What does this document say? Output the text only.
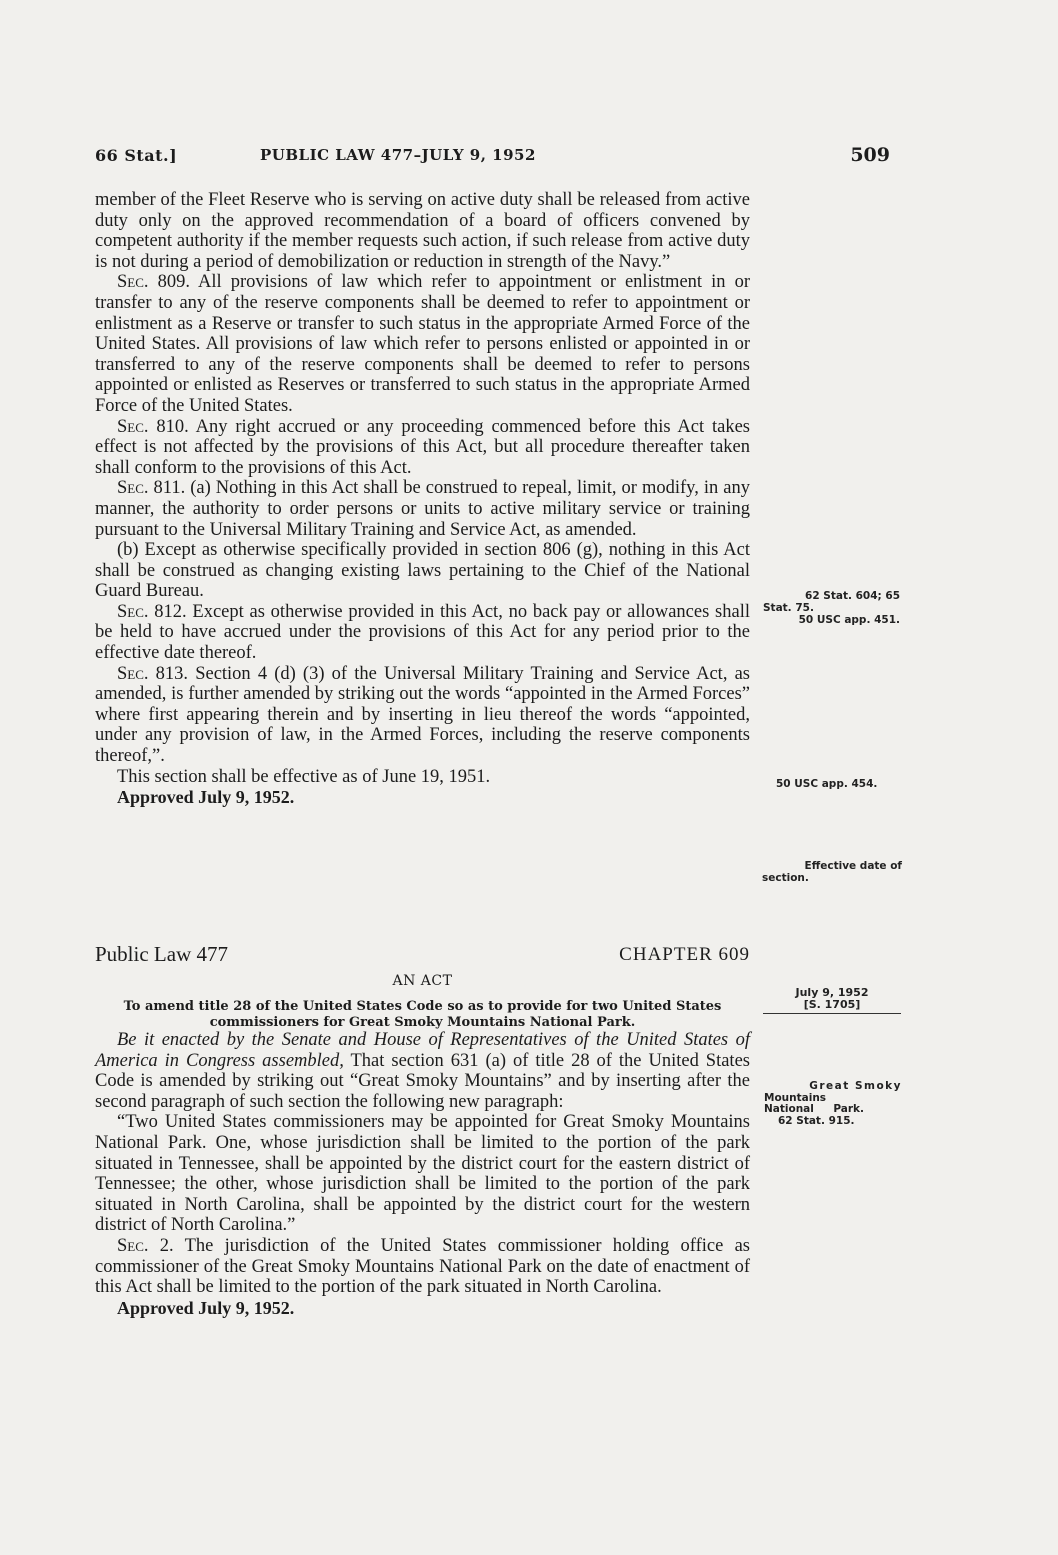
66 Stat.]	PUBLIC LAW 477–JULY 9, 1952	509

member of the Fleet Reserve who is serving on active duty shall be released from active duty only on the approved recommendation of a board of officers convened by competent authority if the member requests such action, if such release from active duty is not during a period of demobilization or reduction in strength of the Navy.”

Sec. 809. All provisions of law which refer to appointment or enlistment in or transfer to any of the reserve components shall be deemed to refer to appointment or enlistment as a Reserve or transfer to such status in the appropriate Armed Force of the United States. All provisions of law which refer to persons enlisted or appointed in or transferred to any of the reserve components shall be deemed to refer to persons appointed or enlisted as Reserves or transferred to such status in the appropriate Armed Force of the United States.

Sec. 810. Any right accrued or any proceeding commenced before this Act takes effect is not affected by the provisions of this Act, but all procedure thereafter taken shall conform to the provisions of this Act.

Sec. 811. (a) Nothing in this Act shall be construed to repeal, limit, or modify, in any manner, the authority to order persons or units to active military service or training pursuant to the Universal Military Training and Service Act, as amended.

(b) Except as otherwise specifically provided in section 806 (g), nothing in this Act shall be construed as changing existing laws pertaining to the Chief of the National Guard Bureau.

Sec. 812. Except as otherwise provided in this Act, no back pay or allowances shall be held to have accrued under the provisions of this Act for any period prior to the effective date thereof.

Sec. 813. Section 4 (d) (3) of the Universal Military Training and Service Act, as amended, is further amended by striking out the words “appointed in the Armed Forces” where first appearing therein and by inserting in lieu thereof the words “appointed, under any provision of law, in the Armed Forces, including the reserve components thereof,”.

This section shall be effective as of June 19, 1951.

Approved July 9, 1952.

Public Law 477	CHAPTER 609
AN ACT
To amend title 28 of the United States Code so as to provide for two United States commissioners for Great Smoky Mountains National Park.

Be it enacted by the Senate and House of Representatives of the United States of America in Congress assembled, That section 631 (a) of title 28 of the United States Code is amended by striking out “Great Smoky Mountains” and by inserting after the second paragraph of such section the following new paragraph:

“Two United States commissioners may be appointed for Great Smoky Mountains National Park. One, whose jurisdiction shall be limited to the portion of the park situated in Tennessee, shall be appointed by the district court for the eastern district of Tennessee; the other, whose jurisdiction shall be limited to the portion of the park situated in North Carolina, shall be appointed by the district court for the western district of North Carolina.”

Sec. 2. The jurisdiction of the United States commissioner holding office as commissioner of the Great Smoky Mountains National Park on the date of enactment of this Act shall be limited to the portion of the park situated in North Carolina.

Approved July 9, 1952.

62 Stat. 604; 65
Stat. 75.
50 USC app. 451.
50 USC app. 454.
Effective date of
section.
July 9, 1952
[S. 1705]
Great Smoky
Mountains National Park.
62 Stat. 915.
